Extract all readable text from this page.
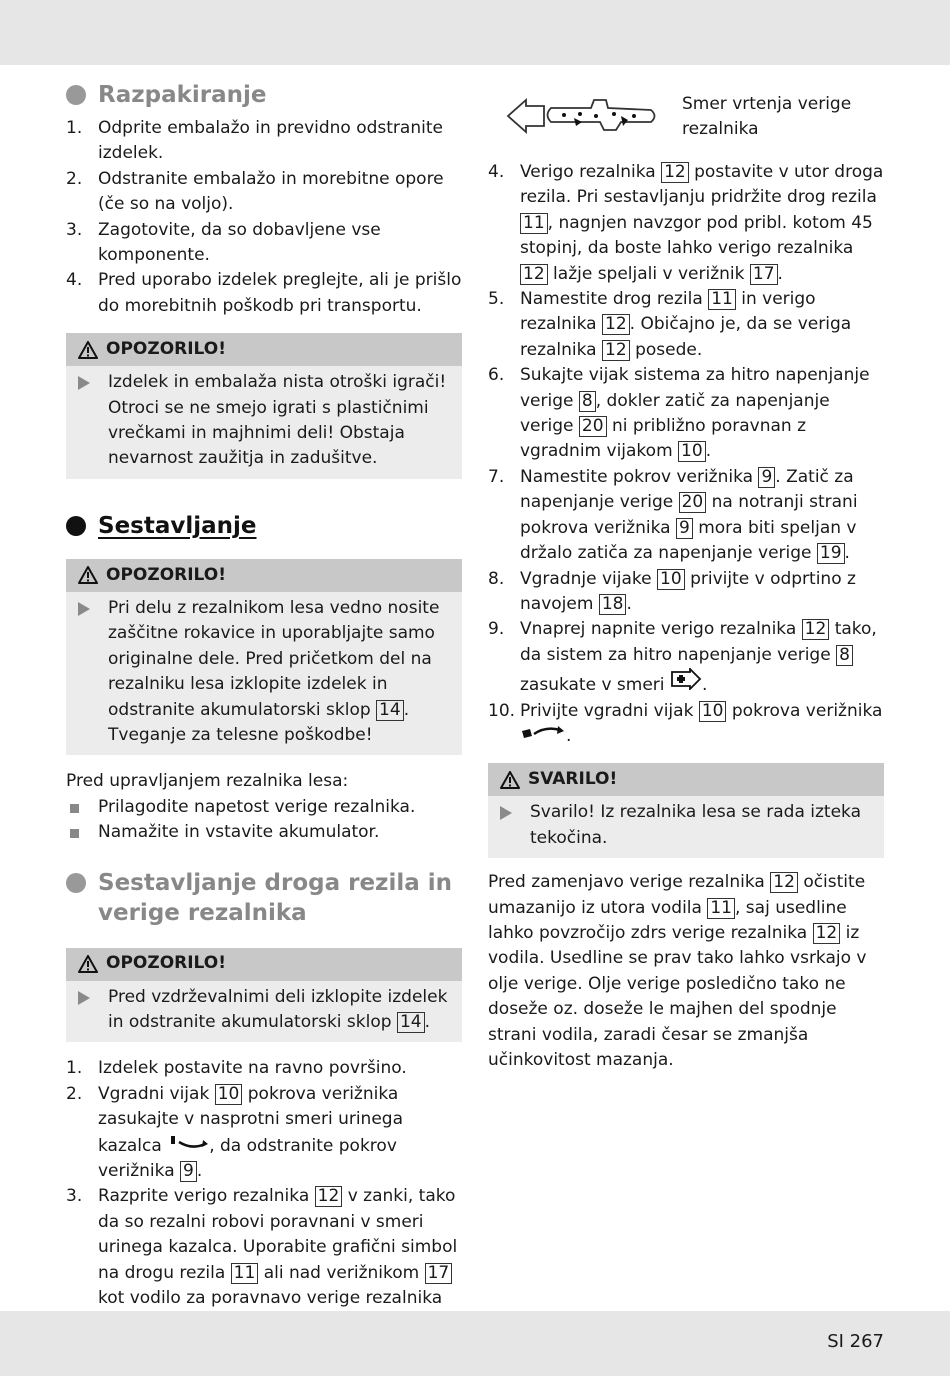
Razpakiranje
1. Odprite embalažo in previdno odstranite izdelek.
2. Odstranite embalažo in morebitne opore (če so na voljo).
3. Zagotovite, da so dobavljene vse komponente.
4. Pred uporabo izdelek preglejte, ali je prišlo do morebitnih poškodb pri transportu.
OPOZORILO!
Izdelek in embalaža nista otroški igrači! Otroci se ne smejo igrati s plastičnimi vrečkami in majhnimi deli! Obstaja nevarnost zaužitja in zadušitve.
Sestavljanje
OPOZORILO!
Pri delu z rezalnikom lesa vedno nosite zaščitne rokavice in uporabljajte samo originalne dele. Pred pričetkom del na rezalniku lesa izklopite izdelek in odstranite akumulatorski sklop 14 . Tveganje za telesne poškodbe!
Pred upravljanjem rezalnika lesa:
Prilagodite napetost verige rezalnika.
Namažite in vstavite akumulator.
Sestavljanje droga rezila in verige rezalnika
OPOZORILO!
Pred vzdrževalnimi deli izklopite izdelek in odstranite akumulatorski sklop 14 .
1. Izdelek postavite na ravno površino.
2. Vgradni vijak 10 pokrova verižnika zasukajte v nasprotni smeri urinega kazalca	, da odstranite pokrov verižnika 9 .
3. Razprite verigo rezalnika 12 v zanki, tako da so rezalni robovi poravnani v smeri urinega kazalca. Uporabite grafični simbol na drogu rezila 11 ali nad verižnikom 17 kot vodilo za poravnavo verige rezalnika
Smer vrtenja verige rezalnika
4. Verigo rezalnika 12 postavite v utor droga rezila. Pri sestavljanju pridržite drog rezila 11 , nagnjen navzgor pod pribl. kotom 45 stopinj, da boste lahko verigo rezalnika 12 lažje speljali v verižnik 17 .
5. Namestite drog rezila 11 in verigo rezalnika 12 . Običajno je, da se veriga rezalnika 12 posede.
6. Sukajte vijak sistema za hitro napenjanje verige 8 , dokler zatič za napenjanje verige 20 ni približno poravnan z vgradnim vijakom 10 .
7. Namestite pokrov verižnika 9 . Zatič za napenjanje verige 20 na notranji strani pokrova verižnika 9 mora biti speljan v držalo zatiča za napenjanje verige 19 .
8. Vgradnje vijake 10 privijte v odprtino z navojem 18 .
9. Vnaprej napnite verigo rezalnika 12 tako, da sistem za hitro napenjanje verige 8 zasukate v smeri .
10. Privijte vgradni vijak 10 pokrova verižnika
.
SVARILO!
Svarilo! Iz rezalnika lesa se rada izteka tekočina.
Pred zamenjavo verige rezalnika 12 očistite umazanijo iz utora vodila 11 , saj usedline lahko povzročijo zdrs verige rezalnika 12 iz vodila. Usedline se prav tako lahko vsrkajo v olje verige. Olje verige posledično tako ne doseže oz. doseže le majhen del spodnje strani vodila, zaradi česar se zmanjša učinkovitost mazanja.
SI 267
